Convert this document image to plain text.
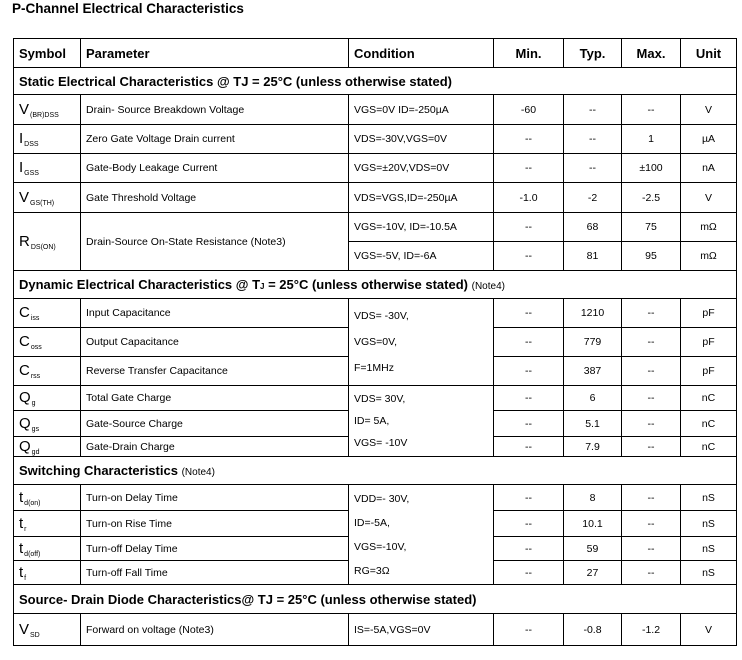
P-Channel Electrical Characteristics
Symbol	Parameter	Condition	Min.	Typ.	Max.	Unit
Static Electrical Characteristics @ TJ = 25°C (unless otherwise stated)						
$V_{(BR)DSS}$	Drain- Source Breakdown Voltage	VGS=0V ID=-250µA	-60	--	--	V
$I_{DSS}$	Zero Gate Voltage Drain current	VDS=-30V,VGS=0V	--	--	1	µA
$I_{GSS}$	Gate-Body Leakage Current	VGS=±20V,VDS=0V	--	--	±100	nA
$V_{GS(TH)}$	Gate Threshold Voltage	VDS=VGS,ID=-250µA	-1.0	-2	-2.5	V
$R_{DS(ON)}$	Drain-Source On-State Resistance (Note3)	VGS=-10V, ID=-10.5A	--	68	75	mΩ
		VGS=-5V, ID=-6A	--	81	95	mΩ
Dynamic Electrical Characteristics @ TJ = 25°C (unless otherwise stated) (Note4)						
$C_{iss}$	Input Capacitance	VDS= -30V,
VGS=0V,
F=1MHz	--	1210	--	pF
$C_{oss}$	Output Capacitance		--	779	--	pF
$C_{rss}$	Reverse Transfer Capacitance		--	387	--	pF
$Q_g$	Total Gate Charge	VDS= 30V,
ID= 5A,
VGS= -10V	--	6	--	nC
$Q_{gs}$	Gate-Source Charge		--	5.1	--	nC
$Q_{gd}$	Gate-Drain Charge		--	7.9	--	nC
Switching Characteristics (Note4)						
$t_{d(on)}$	Turn-on Delay Time	VDD=- 30V,
ID=-5A,
VGS=-10V,
RG=3Ω	--	8	--	nS
$t_r$	Turn-on Rise Time		--	10.1	--	nS
$t_{d(off)}$	Turn-off Delay Time		--	59	--	nS
$t_f$	Turn-off Fall Time		--	27	--	nS
Source- Drain Diode Characteristics@ TJ = 25°C (unless otherwise stated)						
$V_{SD}$	Forward on voltage (Note3)	IS=-5A,VGS=0V	--	-0.8	-1.2	V
